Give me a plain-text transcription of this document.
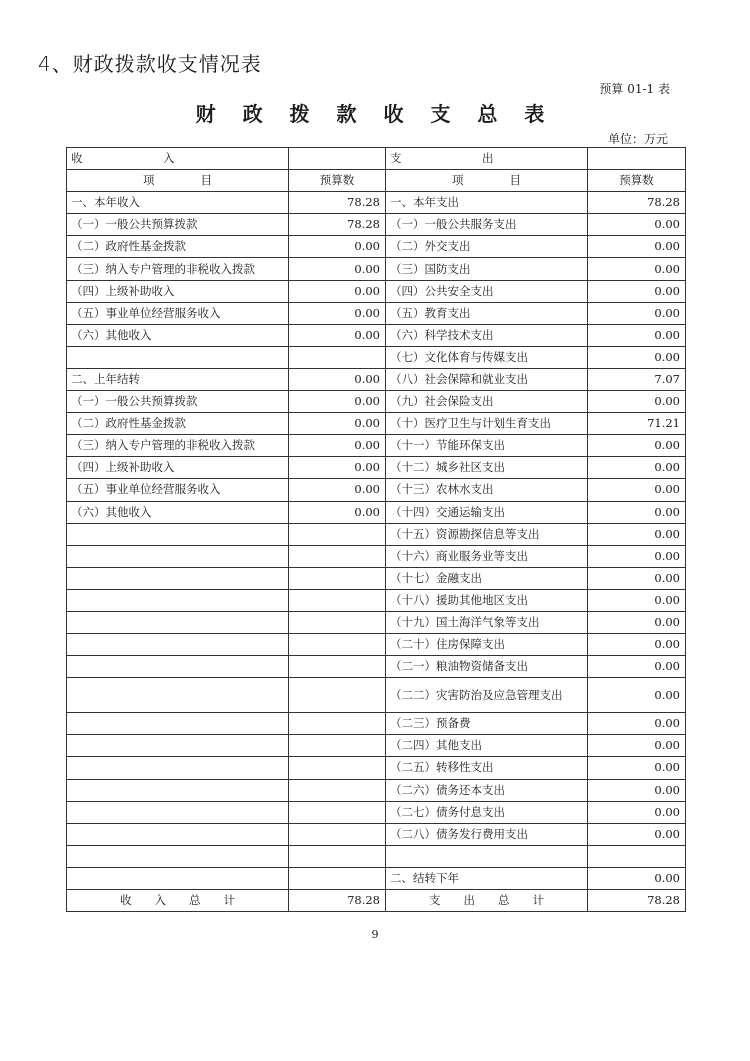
4、财政拨款收支情况表
预算 01-1 表
财 政 拨 款 收 支 总 表
单位：万元
收　　　　　　　入		支　　　　　　　出	
项　　　　目	预算数	项　　　　目	预算数
一、本年收入	78.28	一、本年支出	78.28
（一）一般公共预算拨款	78.28	（一）一般公共服务支出	0.00
（二）政府性基金拨款	0.00	（二）外交支出	0.00
（三）纳入专户管理的非税收入拨款	0.00	（三）国防支出	0.00
（四）上级补助收入	0.00	（四）公共安全支出	0.00
（五）事业单位经营服务收入	0.00	（五）教育支出	0.00
（六）其他收入	0.00	（六）科学技术支出	0.00
		（七）文化体育与传媒支出	0.00
二、上年结转	0.00	（八）社会保障和就业支出	7.07
（一）一般公共预算拨款	0.00	（九）社会保险支出	0.00
（二）政府性基金拨款	0.00	（十）医疗卫生与计划生育支出	71.21
（三）纳入专户管理的非税收入拨款	0.00	（十一）节能环保支出	0.00
（四）上级补助收入	0.00	（十二）城乡社区支出	0.00
（五）事业单位经营服务收入	0.00	（十三）农林水支出	0.00
（六）其他收入	0.00	（十四）交通运输支出	0.00
		（十五）资源勘探信息等支出	0.00
		（十六）商业服务业等支出	0.00
		（十七）金融支出	0.00
		（十八）援助其他地区支出	0.00
		（十九）国土海洋气象等支出	0.00
		（二十）住房保障支出	0.00
		（二一）粮油物资储备支出	0.00
		（二二）灾害防治及应急管理支出	0.00
		（二三）预备费	0.00
		（二四）其他支出	0.00
		（二五）转移性支出	0.00
		（二六）债务还本支出	0.00
		（二七）债务付息支出	0.00
		（二八）债务发行费用支出	0.00

		二、结转下年	0.00
收　　入　　总　　计	78.28	支　　出　　总　　计	78.28
9
